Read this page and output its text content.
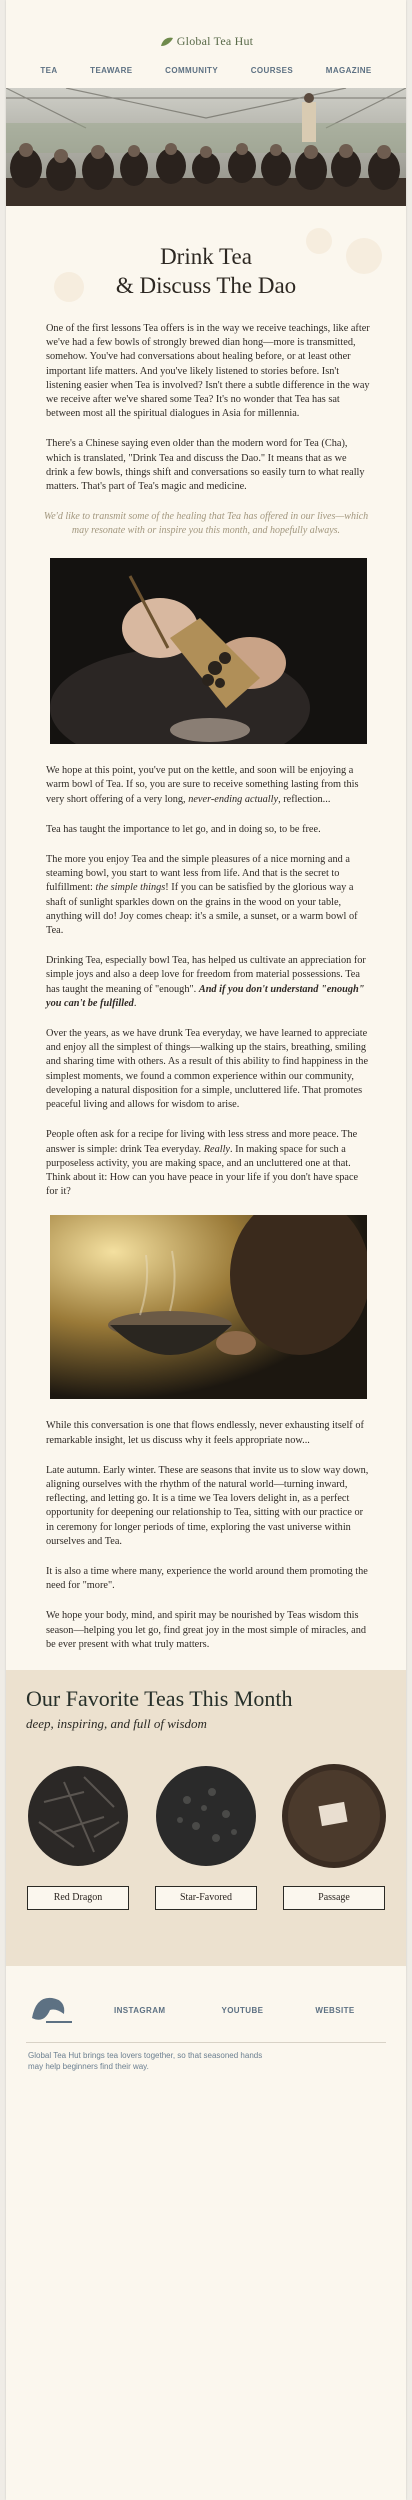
Global Tea Hut
TEA	TEAWARE	COMMUNITY	COURSES	MAGAZINE
Drink Tea
& Discuss The Dao

One of the first lessons Tea offers is in the way we receive teachings, like after we've had a few bowls of strongly brewed dian hong—more is transmitted, somehow. You've had conversations about healing before, or at least other important life matters. And you've likely listened to stories before. Isn't listening easier when Tea is involved? Isn't there a subtle difference in the way we receive after we've shared some Tea? It's no wonder that Tea has sat between most all the spiritual dialogues in Asia for millennia.

There's a Chinese saying even older than the modern word for Tea (Cha), which is translated, "Drink Tea and discuss the Dao." It means that as we drink a few bowls, things shift and conversations so easily turn to what really matters. That's part of Tea's magic and medicine.

We'd like to transmit some of the healing that Tea has offered in our lives—which may resonate with or inspire you this month, and hopefully always.

We hope at this point, you've put on the kettle, and soon will be enjoying a warm bowl of Tea. If so, you are sure to receive something lasting from this very short offering of a very long, never-ending actually, reflection...

Tea has taught the importance to let go, and in doing so, to be free.

The more you enjoy Tea and the simple pleasures of a nice morning and a steaming bowl, you start to want less from life. And that is the secret to fulfillment: the simple things! If you can be satisfied by the glorious way a shaft of sunlight sparkles down on the grains in the wood on your table, anything will do! Joy comes cheap: it's a smile, a sunset, or a warm bowl of Tea.

Drinking Tea, especially bowl Tea, has helped us cultivate an appreciation for simple joys and also a deep love for freedom from material possessions. Tea has taught the meaning of "enough". And if you don't understand "enough" you can't be fulfilled.

Over the years, as we have drunk Tea everyday, we have learned to appreciate and enjoy all the simplest of things—walking up the stairs, breathing, smiling and sharing time with others. As a result of this ability to find happiness in the simplest moments, we found a common experience within our community, developing a natural disposition for a simple, uncluttered life. That promotes peaceful living and allows for wisdom to arise.

People often ask for a recipe for living with less stress and more peace. The answer is simple: drink Tea everyday. Really. In making space for such a purposeless activity, you are making space, and an uncluttered one at that. Think about it: How can you have peace in your life if you don't have space for it?

While this conversation is one that flows endlessly, never exhausting itself of remarkable insight, let us discuss why it feels appropriate now...

Late autumn. Early winter. These are seasons that invite us to slow way down, aligning ourselves with the rhythm of the natural world—turning inward, reflecting, and letting go. It is a time we Tea lovers delight in, as a perfect opportunity for deepening our relationship to Tea, sitting with our practice or in ceremony for longer periods of time, exploring the vast universe within ourselves and Tea.

It is also a time where many, experience the world around them promoting the need for "more".

We hope your body, mind, and spirit may be nourished by Teas wisdom this season—helping you let go, find great joy in the most simple of miracles, and be ever present with what truly matters.

Our Favorite Teas This Month
deep, inspiring, and full of wisdom
Red Dragon	Star-Favored	Passage
INSTAGRAM	YOUTUBE	WEBSITE
Global Tea Hut brings tea lovers together, so that seasoned hands may help beginners find their way.
